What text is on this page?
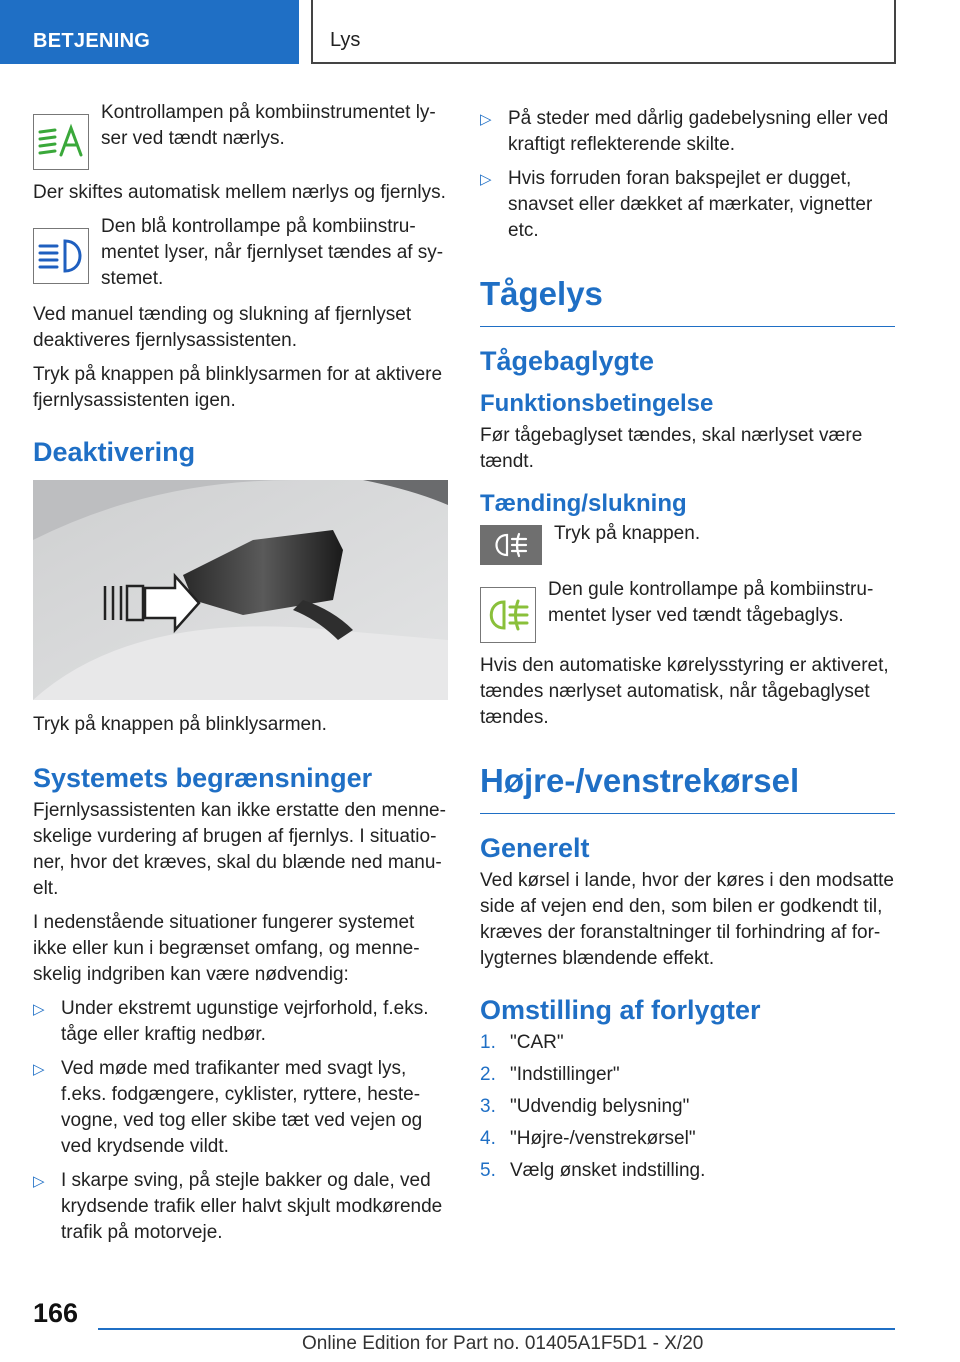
BETJENING	Lys
Kontrollampen på kombiinstrumentet ly-ser ved tændt nærlys.

Der skiftes automatisk mellem nærlys og fjernlys.

Den blå kontrollampe på kombiinstru-mentet lyser, når fjernlyset tændes af sy-stemet.

Ved manuel tænding og slukning af fjernlyset deaktiveres fjernlysassistenten.

Tryk på knappen på blinklysarmen for at aktivere fjernlysassistenten igen.

Deaktivering

Tryk på knappen på blinklysarmen.

Systemets begrænsninger

Fjernlysassistenten kan ikke erstatte den menne-skelige vurdering af brugen af fjernlys. I situatio-ner, hvor det kræves, skal du blænde ned manu-elt.

I nedenstående situationer fungerer systemet ikke eller kun i begrænset omfang, og menne-skelig indgriben kan være nødvendig:

▷ Under ekstremt ugunstige vejrforhold, f.eks. tåge eller kraftig nedbør.
▷ Ved møde med trafikanter med svagt lys, f.eks. fodgængere, cyklister, ryttere, heste-vogne, ved tog eller skibe tæt ved vejen og ved krydsende vildt.
▷ I skarpe sving, på stejle bakker og dale, ved krydsende trafik eller halvt skjult modkørende trafik på motorveje.
▷ På steder med dårlig gadebelysning eller ved kraftigt reflekterende skilte.
▷ Hvis forruden foran bakspejlet er dugget, snavset eller dækket af mærkater, vignetter etc.
Tågelys
Tågebaglygte
Funktionsbetingelse

Før tågebaglyset tændes, skal nærlyset være tændt.

Tænding/slukning
Tryk på knappen.
Den gule kontrollampe på kombiinstru-mentet lyser ved tændt tågebaglys.

Hvis den automatiske kørelysstyring er aktiveret, tændes nærlyset automatisk, når tågebaglyset tændes.

Højre-/venstrekørsel
Generelt

Ved kørsel i lande, hvor der køres i den modsatte side af vejen end den, som bilen er godkendt til, kræves der foranstaltninger til forhindring af for-lygternes blændende effekt.

Omstilling af forlygter
1. "CAR"
2. "Indstillinger"
3. "Udvendig belysning"
4. "Højre-/venstrekørsel"
5. Vælg ønsket indstilling.
166
Online Edition for Part no. 01405A1F5D1 - X/20
